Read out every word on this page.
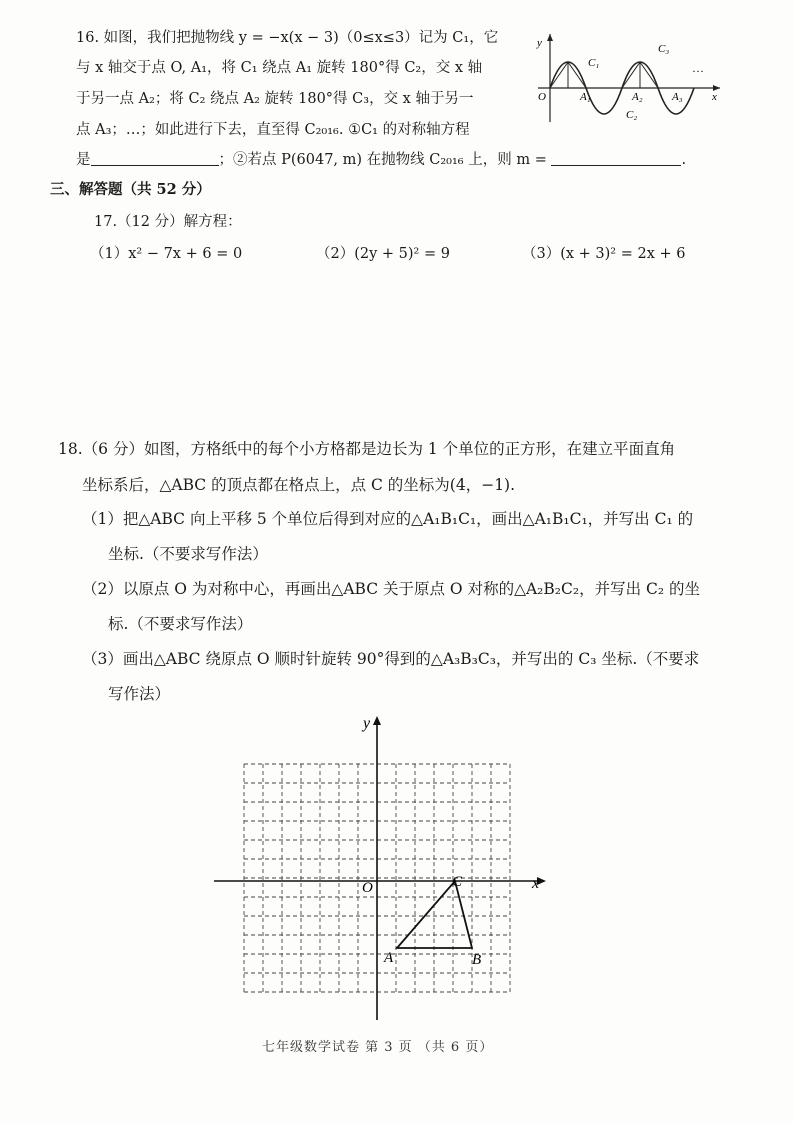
16. 如图，我们把抛物线 y = −x(x − 3)（0≤x≤3）记为 C₁，它
与 x 轴交于点 O, A₁，将 C₁ 绕点 A₁ 旋转 180°得 C₂，交 x 轴
于另一点 A₂；将 C₂ 绕点 A₂ 旋转 180°得 C₃，交 x 轴于另一
点 A₃；…；如此进行下去，直至得 C₂₀₁₆. ①C₁ 的对称轴方程
是	；②若点 P(6047, m) 在抛物线 C₂₀₁₆ 上，则 m =	.
y
x
O
C₁
C₂
C₃
A₁	A₂	A₃
…
三、解答题（共 52 分）
17.（12 分）解方程：
（1）x² − 7x + 6 = 0	（2）(2y + 5)² = 9	（3）(x + 3)² = 2x + 6
18.（6 分）如图，方格纸中的每个小方格都是边长为 1 个单位的正方形，在建立平面直角
坐标系后，△ABC 的顶点都在格点上，点 C 的坐标为(4，−1).
（1）把△ABC 向上平移 5 个单位后得到对应的△A₁B₁C₁，画出△A₁B₁C₁，并写出 C₁ 的
坐标.（不要求写作法）
（2）以原点 O 为对称中心，再画出△ABC 关于原点 O 对称的△A₂B₂C₂，并写出 C₂ 的坐
标.（不要求写作法）
（3）画出△ABC 绕原点 O 顺时针旋转 90°得到的△A₃B₃C₃，并写出的 C₃ 坐标.（不要求
写作法）
y
x
O
A	B
C
七年级数学试卷 第 3 页 （共 6 页）
